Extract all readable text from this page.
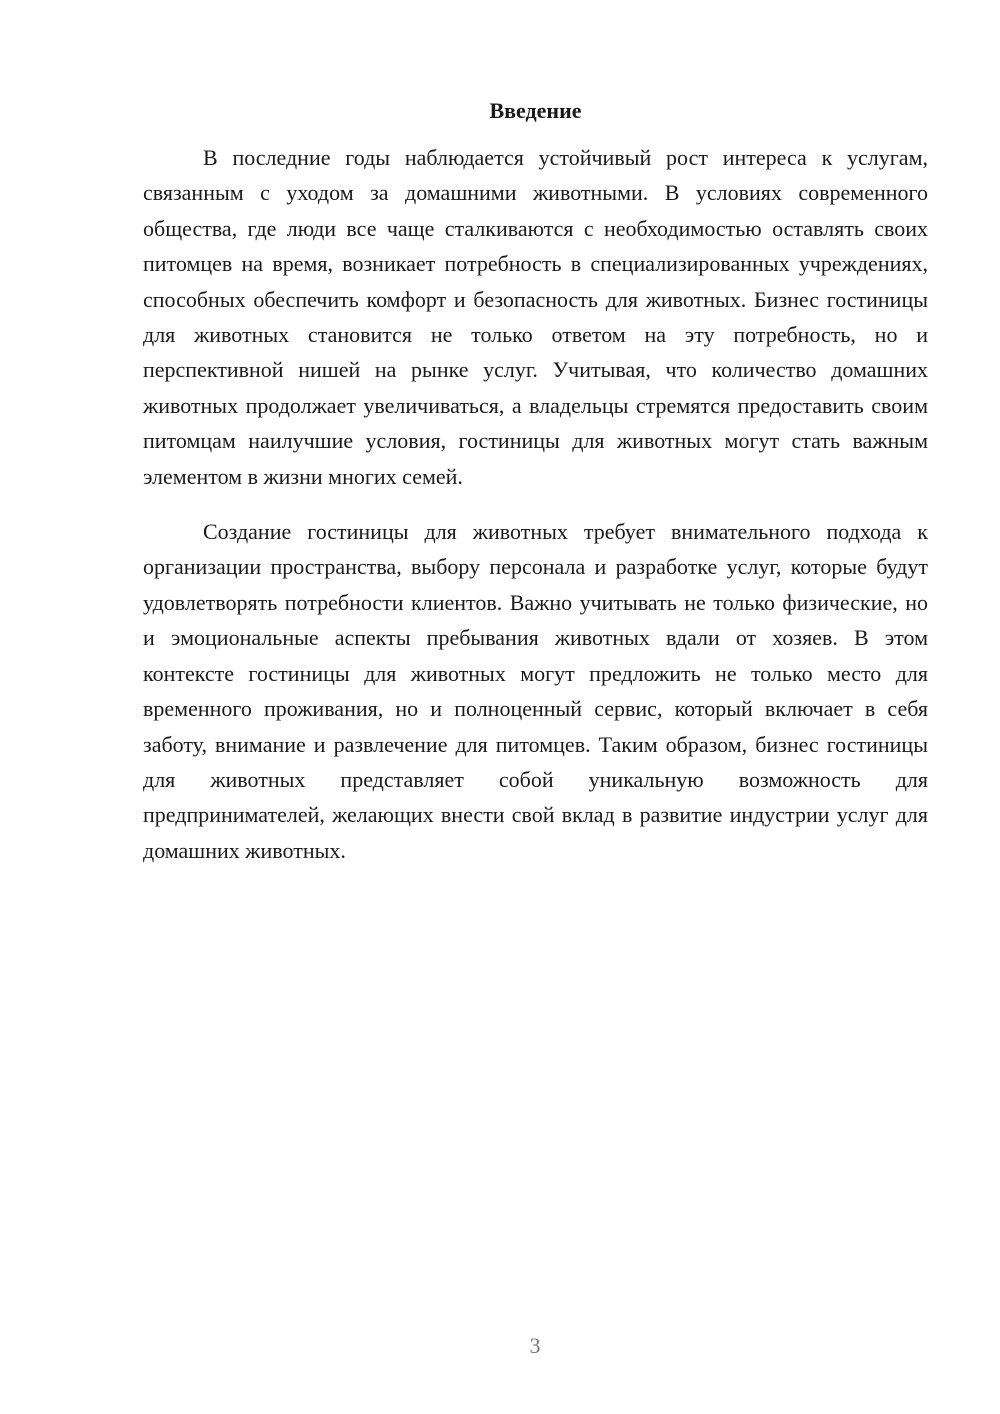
Введение

В последние годы наблюдается устойчивый рост интереса к услугам, связанным с уходом за домашними животными. В условиях современного общества, где люди все чаще сталкиваются с необходимостью оставлять своих питомцев на время, возникает потребность в специализированных учреждениях, способных обеспечить комфорт и безопасность для животных. Бизнес гостиницы для животных становится не только ответом на эту потребность, но и перспективной нишей на рынке услуг. Учитывая, что количество домашних животных продолжает увеличиваться, а владельцы стремятся предоставить своим питомцам наилучшие условия, гостиницы для животных могут стать важным элементом в жизни многих семей.

Создание гостиницы для животных требует внимательного подхода к организации пространства, выбору персонала и разработке услуг, которые будут удовлетворять потребности клиентов. Важно учитывать не только физические, но и эмоциональные аспекты пребывания животных вдали от хозяев. В этом контексте гостиницы для животных могут предложить не только место для временного проживания, но и полноценный сервис, который включает в себя заботу, внимание и развлечение для питомцев. Таким образом, бизнес гостиницы для животных представляет собой уникальную возможность для предпринимателей, желающих внести свой вклад в развитие индустрии услуг для домашних животных.

3
